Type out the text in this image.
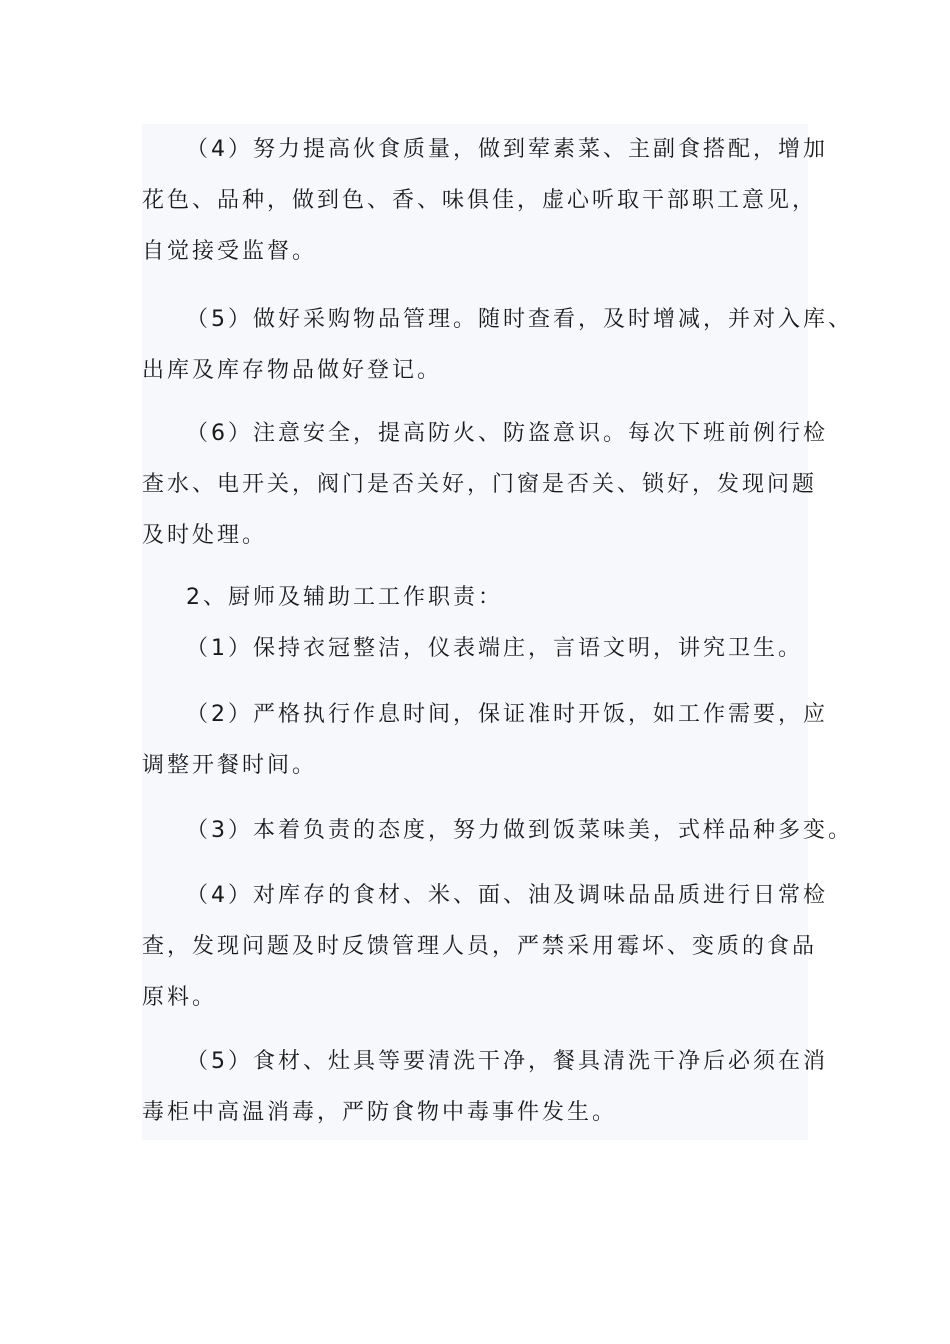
（4）努力提高伙食质量，做到荤素菜、主副食搭配，增加
花色、品种，做到色、香、味俱佳，虚心听取干部职工意见，
自觉接受监督。
（5）做好采购物品管理。随时查看，及时增减，并对入库、
出库及库存物品做好登记。
（6）注意安全，提高防火、防盗意识。每次下班前例行检
查水、电开关，阀门是否关好，门窗是否关、锁好，发现问题
及时处理。
2、厨师及辅助工工作职责：
（1）保持衣冠整洁，仪表端庄，言语文明，讲究卫生。
（2）严格执行作息时间，保证准时开饭，如工作需要，应
调整开餐时间。
（3）本着负责的态度，努力做到饭菜味美，式样品种多变。
（4）对库存的食材、米、面、油及调味品品质进行日常检
查，发现问题及时反馈管理人员，严禁采用霉坏、变质的食品
原料。
（5）食材、灶具等要清洗干净，餐具清洗干净后必须在消
毒柜中高温消毒，严防食物中毒事件发生。
